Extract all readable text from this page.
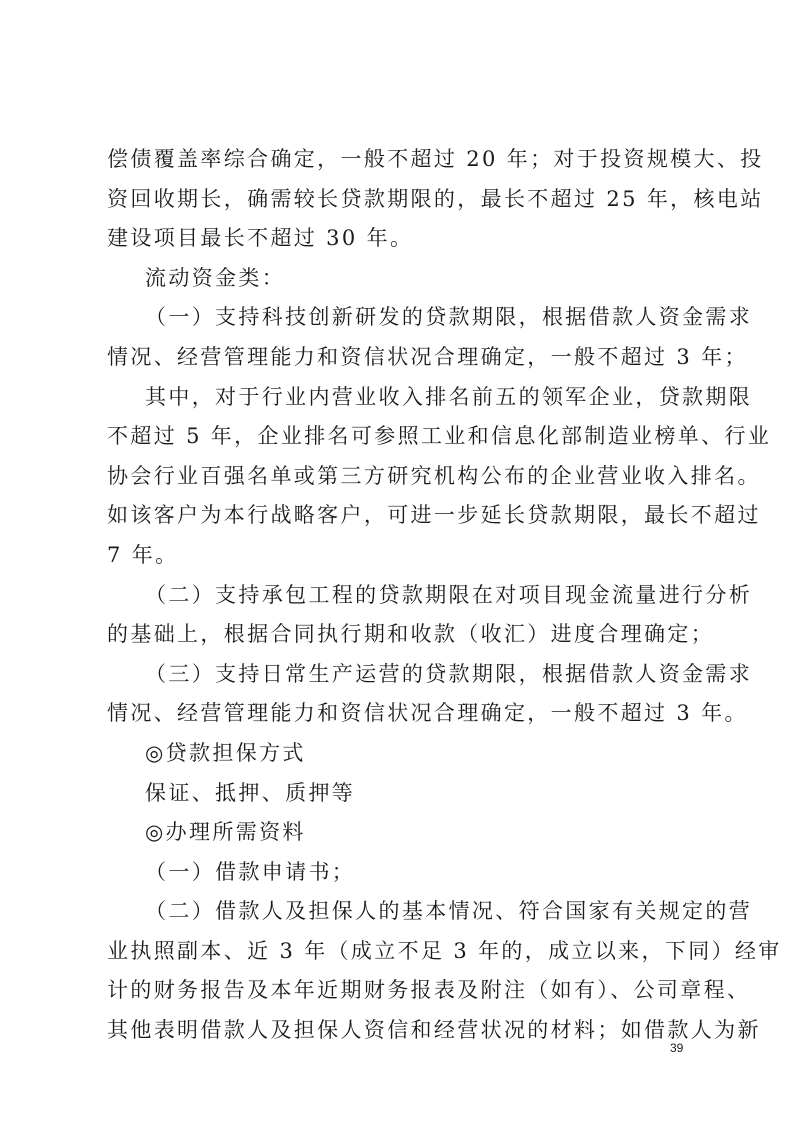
偿债覆盖率综合确定，一般不超过 20 年；对于投资规模大、投
资回收期长，确需较长贷款期限的，最长不超过 25 年，核电站
建设项目最长不超过 30 年。
流动资金类：
（一）支持科技创新研发的贷款期限，根据借款人资金需求
情况、经营管理能力和资信状况合理确定，一般不超过 3 年；
其中，对于行业内营业收入排名前五的领军企业，贷款期限
不超过 5 年，企业排名可参照工业和信息化部制造业榜单、行业
协会行业百强名单或第三方研究机构公布的企业营业收入排名。
如该客户为本行战略客户，可进一步延长贷款期限，最长不超过
7 年。
（二）支持承包工程的贷款期限在对项目现金流量进行分析
的基础上，根据合同执行期和收款（收汇）进度合理确定；
（三）支持日常生产运营的贷款期限，根据借款人资金需求
情况、经营管理能力和资信状况合理确定，一般不超过 3 年。
◎贷款担保方式
保证、抵押、质押等
◎办理所需资料
（一）借款申请书；
（二）借款人及担保人的基本情况、符合国家有关规定的营
业执照副本、近 3 年（成立不足 3 年的，成立以来，下同）经审
计的财务报告及本年近期财务报表及附注（如有）、公司章程、
其他表明借款人及担保人资信和经营状况的材料；如借款人为新
39
